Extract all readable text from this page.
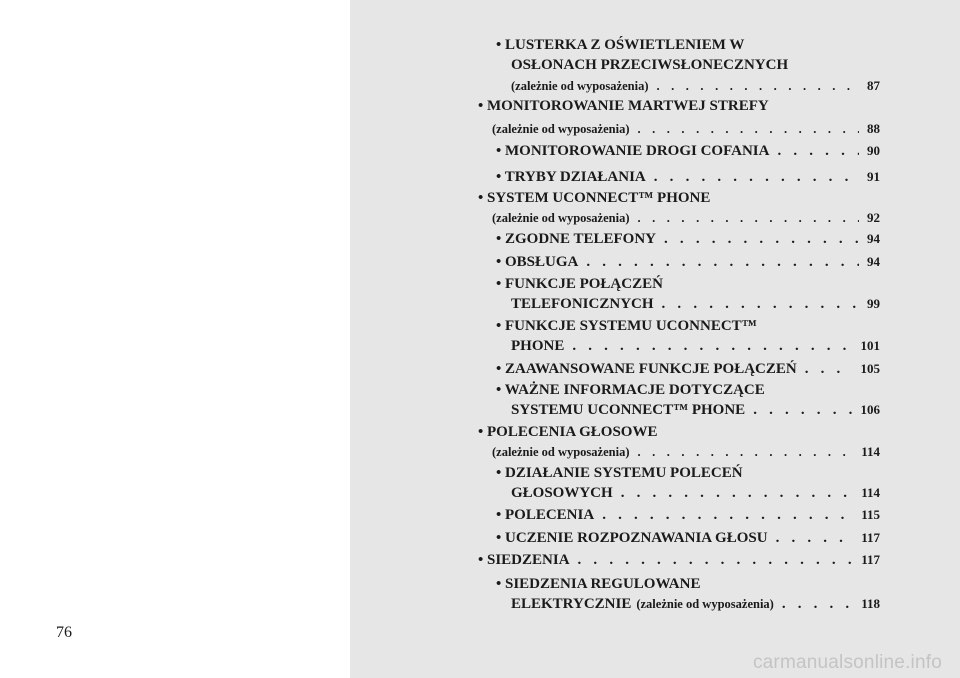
76
• LUSTERKA Z OŚWIETLENIEM W
OSŁONACH PRZECIWSŁONECZNYCH
(zależnie od wyposażenia) . . .	87
• MONITOROWANIE MARTWEJ STREFY
(zależnie od wyposażenia) . . .	88
• MONITOROWANIE DROGI COFANIA . . .	90
• TRYBY DZIAŁANIA . . .	91
• SYSTEM UCONNECT™ PHONE
(zależnie od wyposażenia) . . .	92
• ZGODNE TELEFONY . . .	94
• OBSŁUGA . . .	94
• FUNKCJE POŁĄCZEŃ
TELEFONICZNYCH . . .	99
• FUNKCJE SYSTEMU UCONNECT™
PHONE . . .	101
• ZAAWANSOWANE FUNKCJE POŁĄCZEŃ . . .	105
• WAŻNE INFORMACJE DOTYCZĄCE
SYSTEMU UCONNECT™ PHONE . . .	106
• POLECENIA GŁOSOWE
(zależnie od wyposażenia) . . .	114
• DZIAŁANIE SYSTEMU POLECEŃ
GŁOSOWYCH . . .	114
• POLECENIA . . .	115
• UCZENIE ROZPOZNAWANIA GŁOSU . . .	117
• SIEDZENIA . . .	117
• SIEDZENIA REGULOWANE
ELEKTRYCZNIE (zależnie od wyposażenia) . . .	118
carmanualsonline.info
